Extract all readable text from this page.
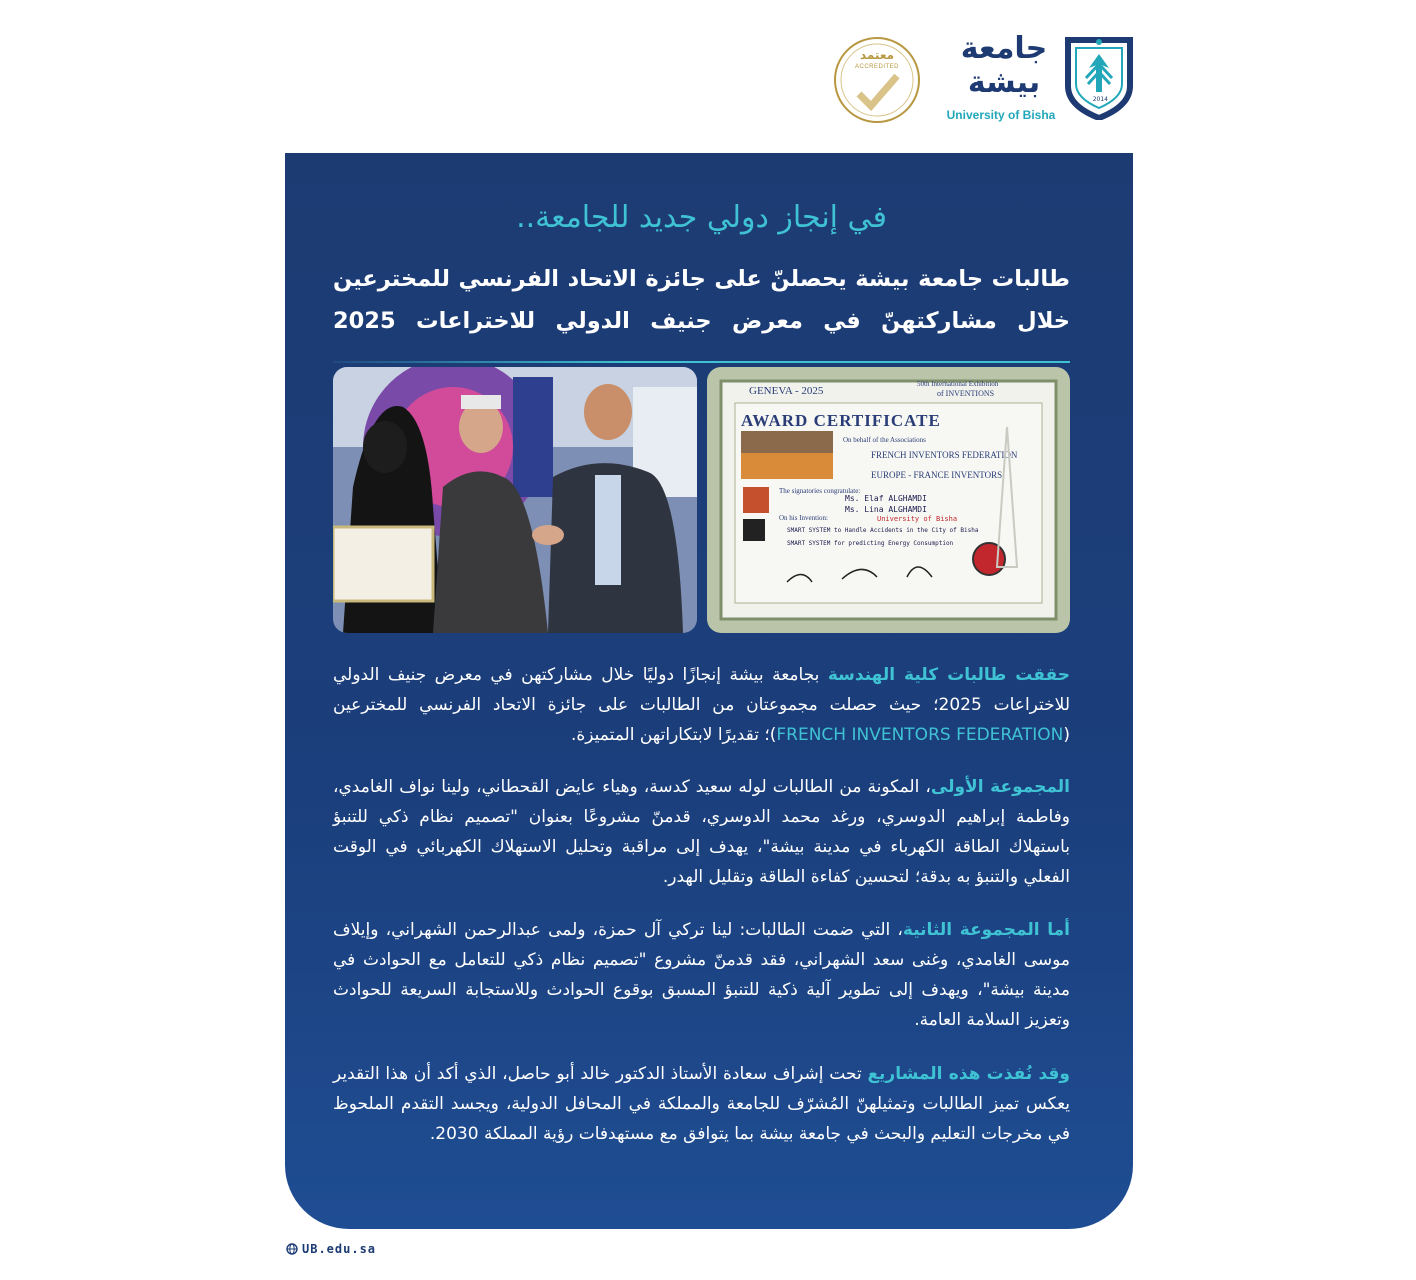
جامعة
بيشة	2014
University of Bisha
معتمد
ACCREDITED
في إنجاز دولي جديد للجامعة..
طالبات جامعة بيشة يحصلنّ على جائزة الاتحاد الفرنسي للمخترعين
خلال مشاركتهنّ في معرض جنيف الدولي للاختراعات 2025
GENEVA - 2025
50th International Exhibition
of INVENTIONS
AWARD CERTIFICATE
On behalf of the Associations
FRENCH INVENTORS FEDERATION
EUROPE - FRANCE INVENTORS
The signatories congratulate:
Ms. Elaf ALGHAMDI
Ms. Lina ALGHAMDI
University of Bisha
On his Invention:
SMART SYSTEM to Handle Accidents in the City of Bisha
SMART SYSTEM for predicting Energy Consumption
حققت طالبات كلية الهندسة بجامعة بيشة إنجازًا دوليًا خلال مشاركتهن في معرض جنيف الدولي للاختراعات 2025؛ حيث حصلت مجموعتان من الطالبات على جائزة الاتحاد الفرنسي للمخترعين (FRENCH INVENTORS FEDERATION)؛ تقديرًا لابتكاراتهن المتميزة.
المجموعة الأولى، المكونة من الطالبات لوله سعيد كدسة، وهياء عايض القحطاني، ولينا نواف الغامدي، وفاطمة إبراهيم الدوسري، ورغد محمد الدوسري، قدمنّ مشروعًا بعنوان "تصميم نظام ذكي للتنبؤ باستهلاك الطاقة الكهرباء في مدينة بيشة"، يهدف إلى مراقبة وتحليل الاستهلاك الكهربائي في الوقت الفعلي والتنبؤ به بدقة؛ لتحسين كفاءة الطاقة وتقليل الهدر.
أما المجموعة الثانية، التي ضمت الطالبات: لينا تركي آل حمزة، ولمى عبدالرحمن الشهراني، وإيلاف موسى الغامدي، وغنى سعد الشهراني، فقد قدمنّ مشروع "تصميم نظام ذكي للتعامل مع الحوادث في مدينة بيشة"، ويهدف إلى تطوير آلية ذكية للتنبؤ المسبق بوقوع الحوادث وللاستجابة السريعة للحوادث وتعزيز السلامة العامة.
وقد نُفذت هذه المشاريع تحت إشراف سعادة الأستاذ الدكتور خالد أبو حاصل، الذي أكد أن هذا التقدير يعكس تميز الطالبات وتمثيلهنّ المُشرّف للجامعة والمملكة في المحافل الدولية، ويجسد التقدم الملحوظ في مخرجات التعليم والبحث في جامعة بيشة بما يتوافق مع مستهدفات رؤية المملكة 2030.
UB.edu.sa
